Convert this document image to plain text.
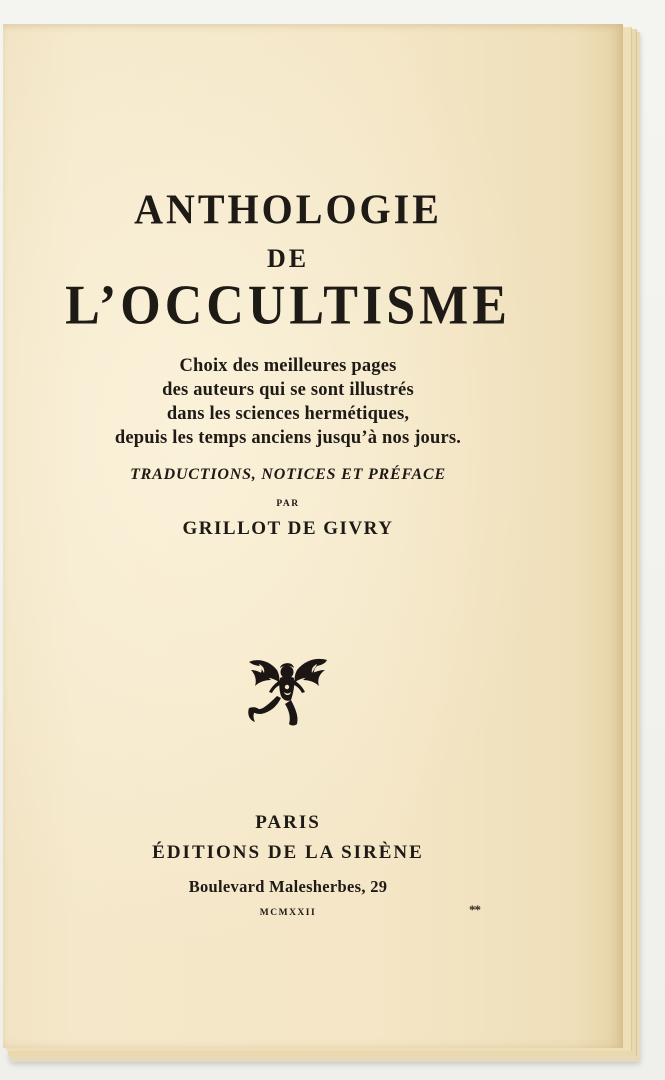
ANTHOLOGIE
DE
L’OCCULTISME
Choix des meilleures pages
des auteurs qui se sont illustrés
dans les sciences hermétiques,
depuis les temps anciens jusqu’à nos jours.
TRADUCTIONS, NOTICES ET PRÉFACE
PAR
GRILLOT DE GIVRY
PARIS
ÉDITIONS DE LA SIRÈNE
Boulevard Malesherbes, 29
MCMXXII	**
